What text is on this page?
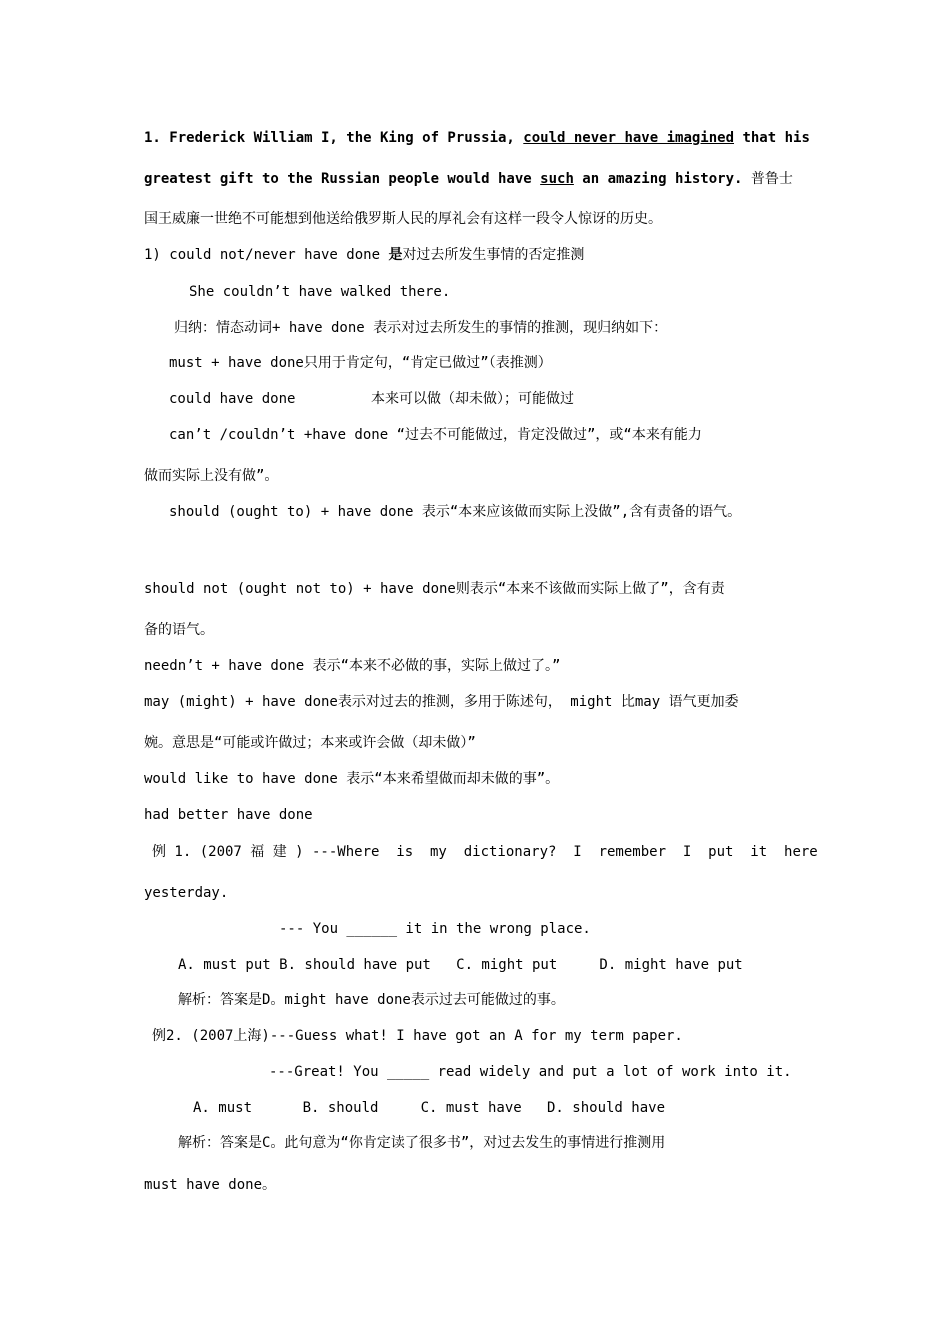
1. Frederick William I, the King of Prussia, could never have imagined that his
greatest gift to the Russian people would have such an amazing history. 普鲁士
国王威廉一世绝不可能想到他送给俄罗斯人民的厚礼会有这样一段令人惊讶的历史。
1) could not/never have done 是对过去所发生事情的否定推测
She couldn’t have walked there.
归纳：情态动词+ have done 表示对过去所发生的事情的推测，现归纳如下：
must + have done只用于肯定句，“肯定已做过”（表推测）
could have done	本来可以做（却未做）；可能做过
can’t /couldn’t +have done “过去不可能做过，肯定没做过”，或“本来有能力
做而实际上没有做”。
should (ought to) + have done 表示“本来应该做而实际上没做”,含有责备的语气。
should not (ought not to) + have done则表示“本来不该做而实际上做了”，含有责
备的语气。
needn’t + have done 表示“本来不必做的事，实际上做过了。”
may (might) + have done表示对过去的推测，多用于陈述句， might 比may 语气更加委
婉。意思是“可能或许做过；本来或许会做（却未做）”
would like to have done 表示“本来希望做而却未做的事”。
had better have done
例 1. (2007 福 建 ) ---Where  is  my  dictionary?  I  remember  I  put  it  here
yesterday.
--- You ______ it in the wrong place.
A. must put B. should have put   C. might put     D. might have put
解析：答案是D。might have done表示过去可能做过的事。
例2. (2007上海)---Guess what! I have got an A for my term paper.
---Great! You _____ read widely and put a lot of work into it.
A. must      B. should     C. must have   D. should have
解析：答案是C。此句意为“你肯定读了很多书”，对过去发生的事情进行推测用
must have done。
